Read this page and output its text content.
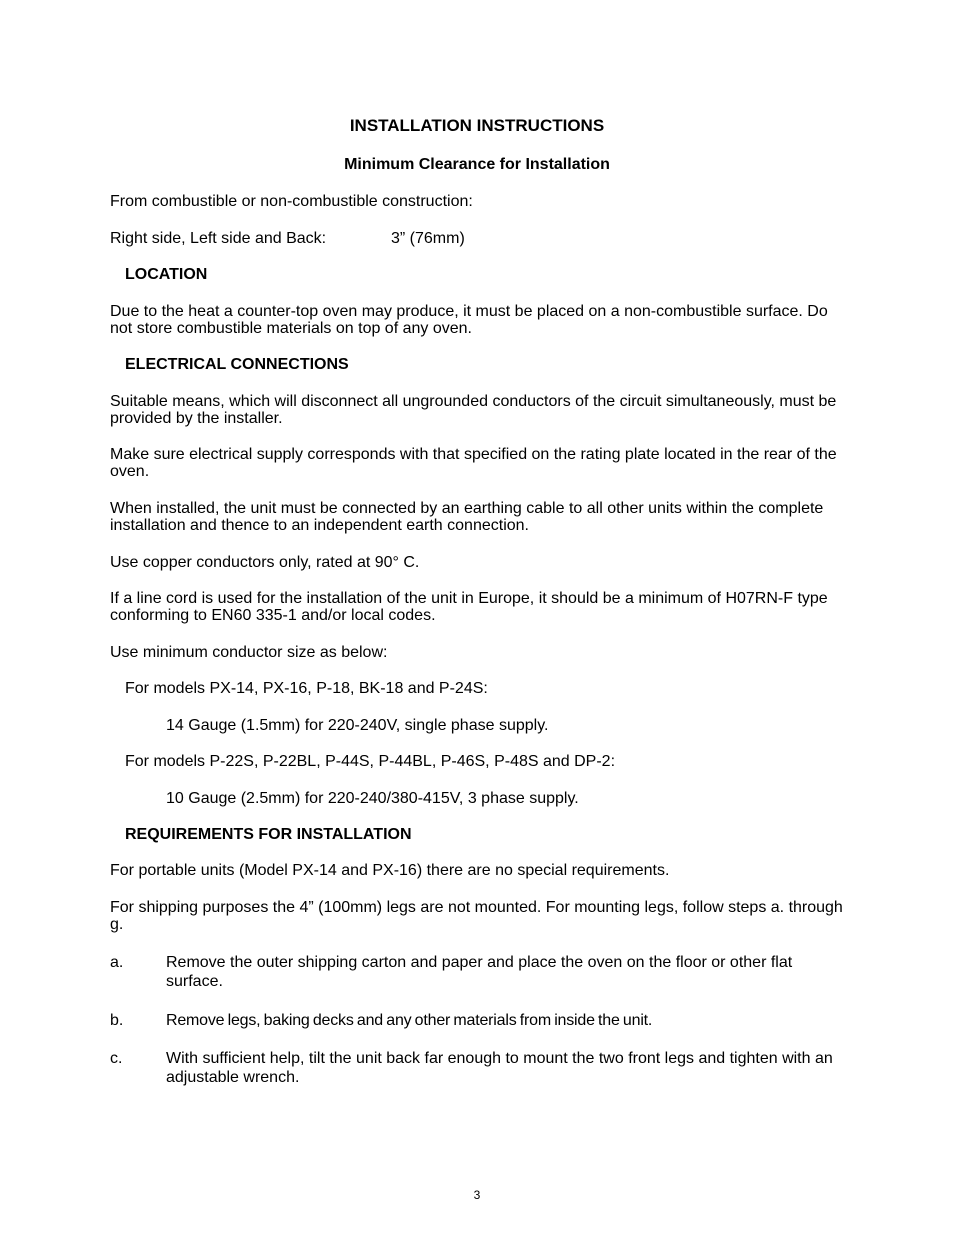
INSTALLATION INSTRUCTIONS
Minimum Clearance for Installation

From combustible or non-combustible construction:

Right side, Left side and Back:	3” (76mm)

LOCATION

Due to the heat a counter-top oven may produce, it must be placed on a non-combustible surface. Do not store combustible materials on top of any oven.

ELECTRICAL CONNECTIONS

Suitable means, which will disconnect all ungrounded conductors of the circuit simultaneously, must be provided by the installer.

Make sure electrical supply corresponds with that specified on the rating plate located in the rear of the oven.

When installed, the unit must be connected by an earthing cable to all other units within the complete installation and thence to an independent earth connection.

Use copper conductors only, rated at 90° C.

If a line cord is used for the installation of the unit in Europe, it should be a minimum of H07RN-F type conforming to EN60 335-1 and/or local codes.

Use minimum conductor size as below:

For models PX-14, PX-16, P-18, BK-18 and P-24S:

14 Gauge (1.5mm) for 220-240V, single phase supply.

For models P-22S, P-22BL, P-44S, P-44BL, P-46S, P-48S and DP-2:

10 Gauge (2.5mm) for 220-240/380-415V, 3 phase supply.

REQUIREMENTS FOR INSTALLATION

For portable units (Model PX-14 and PX-16) there are no special requirements.

For shipping purposes the 4” (100mm) legs are not mounted. For mounting legs, follow steps a. through g.

a.	Remove the outer shipping carton and paper and place the oven on the floor or other flat surface.

b.	Remove legs, baking decks and any other materials from inside the unit.

c.	With sufficient help, tilt the unit back far enough to mount the two front legs and tighten with an adjustable wrench.

3
